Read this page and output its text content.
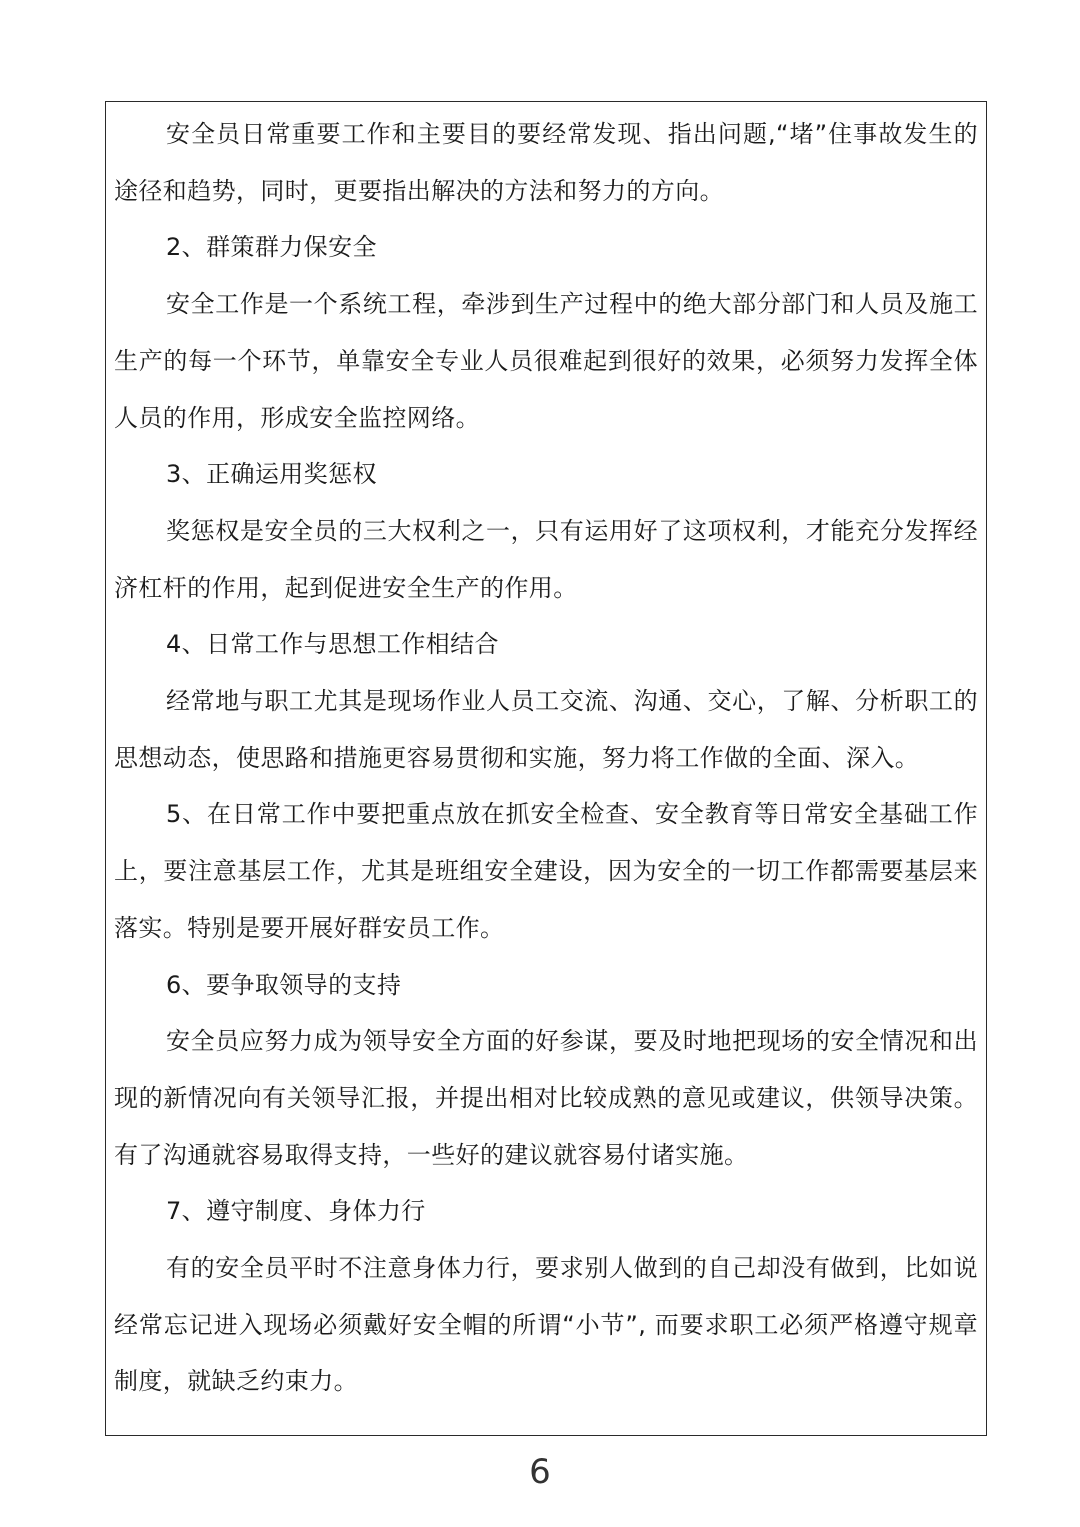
安全员日常重要工作和主要目的要经常发现、指出问题,“堵”住事故发生的途径和趋势，同时，更要指出解决的方法和努力的方向。

2、群策群力保安全

安全工作是一个系统工程，牵涉到生产过程中的绝大部分部门和人员及施工生产的每一个环节，单靠安全专业人员很难起到很好的效果，必须努力发挥全体人员的作用，形成安全监控网络。

3、正确运用奖惩权

奖惩权是安全员的三大权利之一，只有运用好了这项权利，才能充分发挥经济杠杆的作用，起到促进安全生产的作用。

4、日常工作与思想工作相结合

经常地与职工尤其是现场作业人员工交流、沟通、交心，了解、分析职工的思想动态，使思路和措施更容易贯彻和实施，努力将工作做的全面、深入。

5、在日常工作中要把重点放在抓安全检查、安全教育等日常安全基础工作上，要注意基层工作，尤其是班组安全建设，因为安全的一切工作都需要基层来落实。特别是要开展好群安员工作。

6、要争取领导的支持

安全员应努力成为领导安全方面的好参谋，要及时地把现场的安全情况和出现的新情况向有关领导汇报，并提出相对比较成熟的意见或建议，供领导决策。有了沟通就容易取得支持，一些好的建议就容易付诸实施。

7、遵守制度、身体力行

有的安全员平时不注意身体力行，要求别人做到的自己却没有做到，比如说经常忘记进入现场必须戴好安全帽的所谓“小节”, 而要求职工必须严格遵守规章制度，就缺乏约束力。

6
